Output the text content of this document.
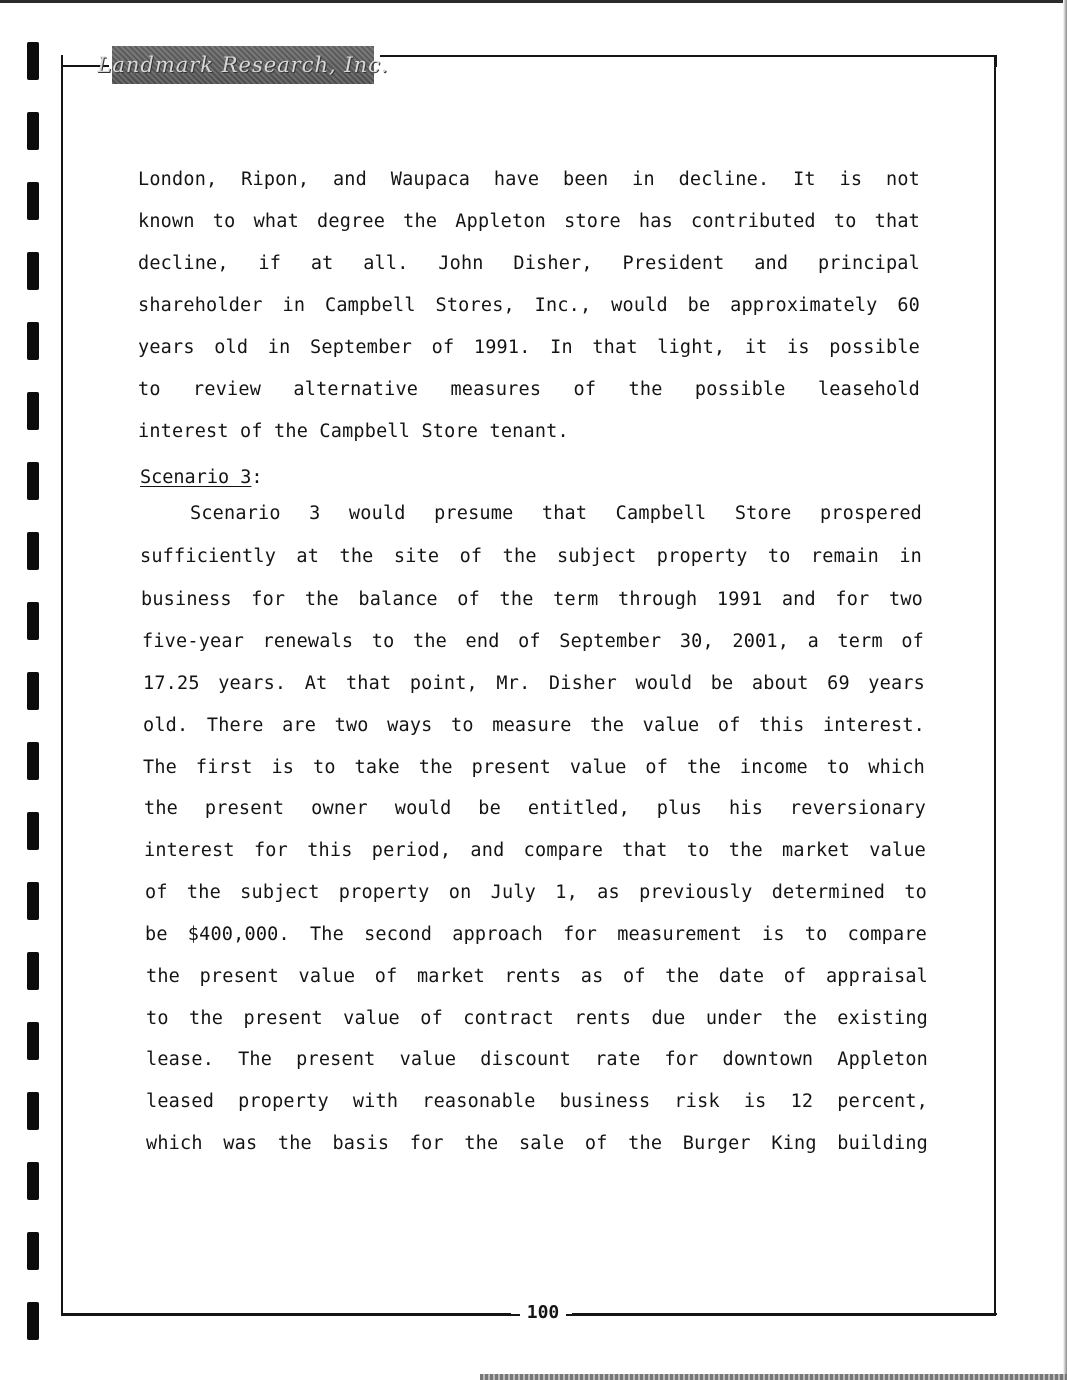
Landmark Research, Inc.
London, Ripon, and Waupaca have been in decline. It is not
known to what degree the Appleton store has contributed to that
decline, if at all. John Disher, President and principal
shareholder in Campbell Stores, Inc., would be approximately 60
years old in September of 1991. In that light, it is possible
to review alternative measures of the possible leasehold
interest of the Campbell Store tenant.
Scenario 3:
Scenario 3 would presume that Campbell Store prospered
sufficiently at the site of the subject property to remain in
business for the balance of the term through 1991 and for two
five-year renewals to the end of September 30, 2001, a term of
17.25 years. At that point, Mr. Disher would be about 69 years
old. There are two ways to measure the value of this interest.
The first is to take the present value of the income to which
the present owner would be entitled, plus his reversionary
interest for this period, and compare that to the market value
of the subject property on July 1, as previously determined to
be $400,000. The second approach for measurement is to compare
the present value of market rents as of the date of appraisal
to the present value of contract rents due under the existing
lease. The present value discount rate for downtown Appleton
leased property with reasonable business risk is 12 percent,
which was the basis for the sale of the Burger King building
100
